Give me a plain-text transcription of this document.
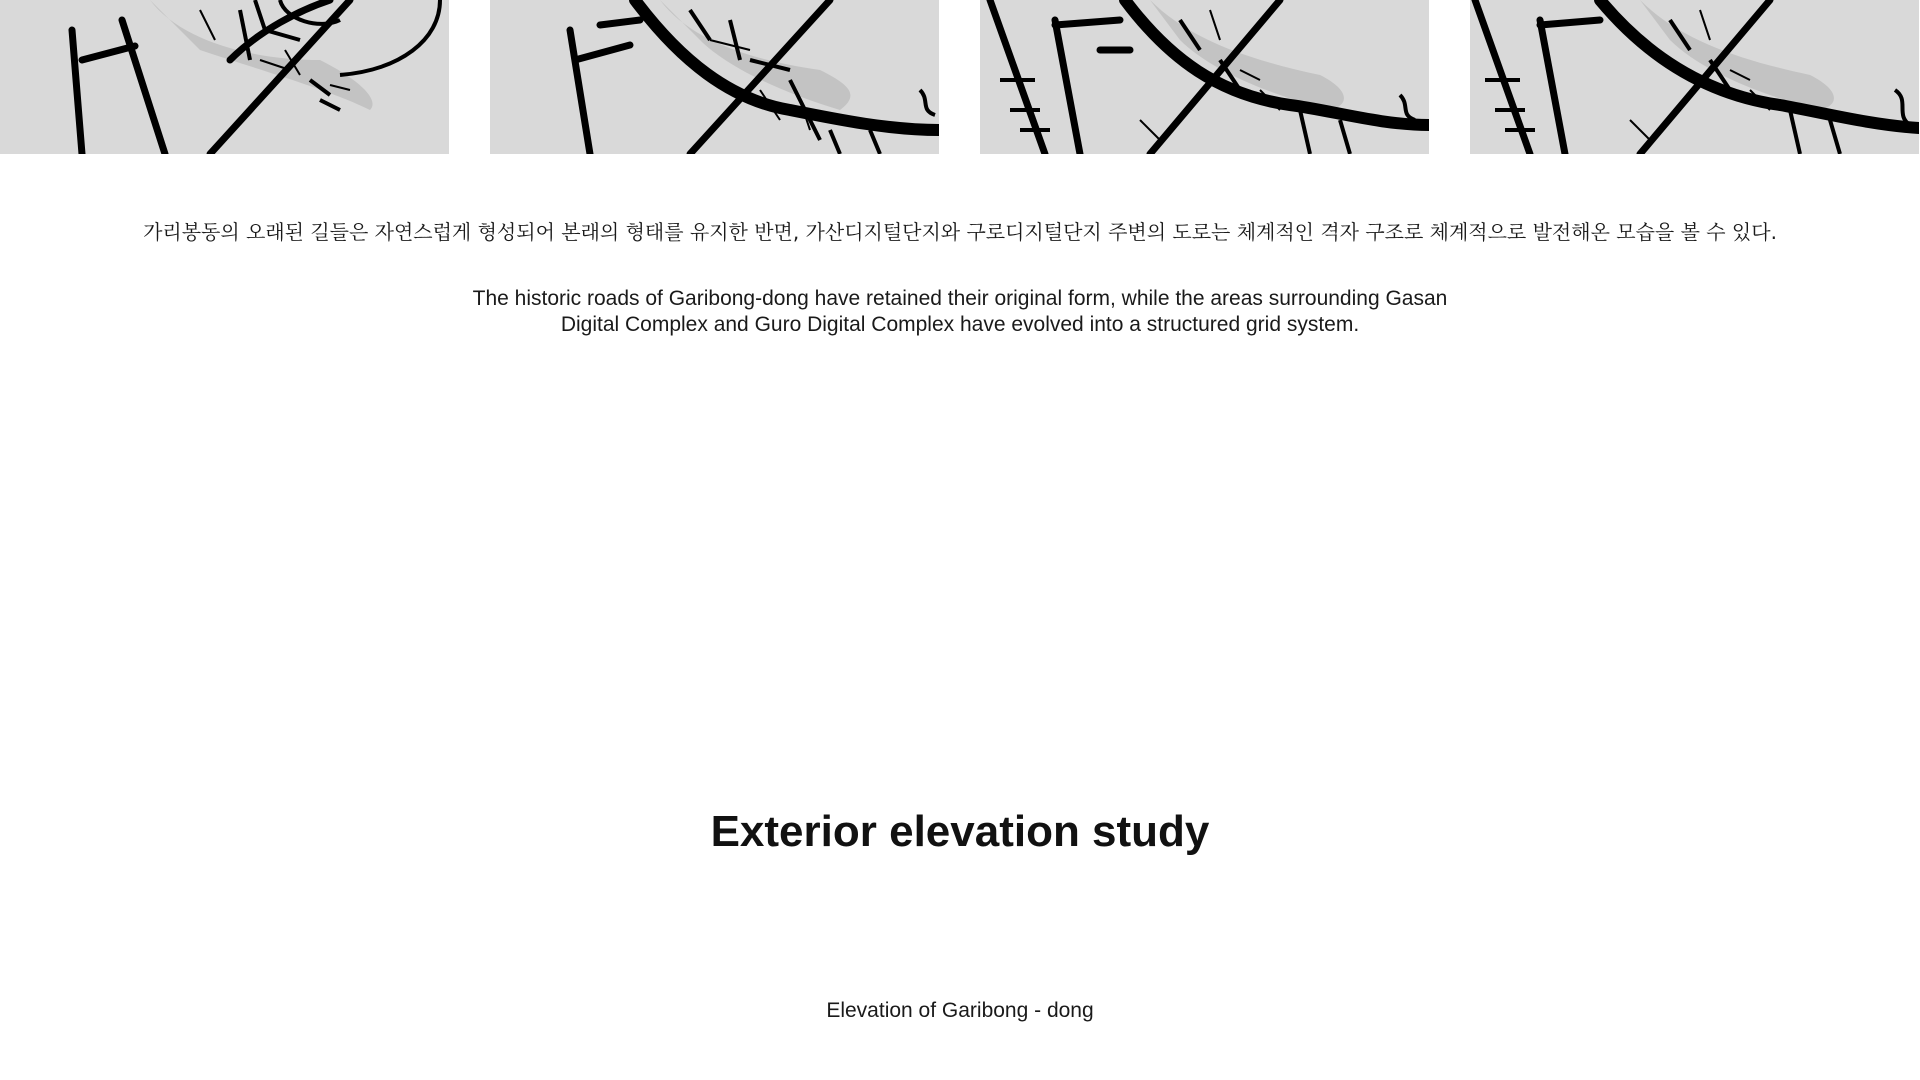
가리봉동의 오래된 길들은 자연스럽게 형성되어 본래의 형태를 유지한 반면, 가산디지털단지와 구로디지털단지 주변의 도로는 체계적인 격자 구조로 체계적으로 발전해온 모습을 볼 수 있다.
The historic roads of Garibong-dong have retained their original form, while the areas surrounding Gasan
Digital Complex and Guro Digital Complex have evolved into a structured grid system.
Exterior elevation study
Elevation of Garibong - dong
